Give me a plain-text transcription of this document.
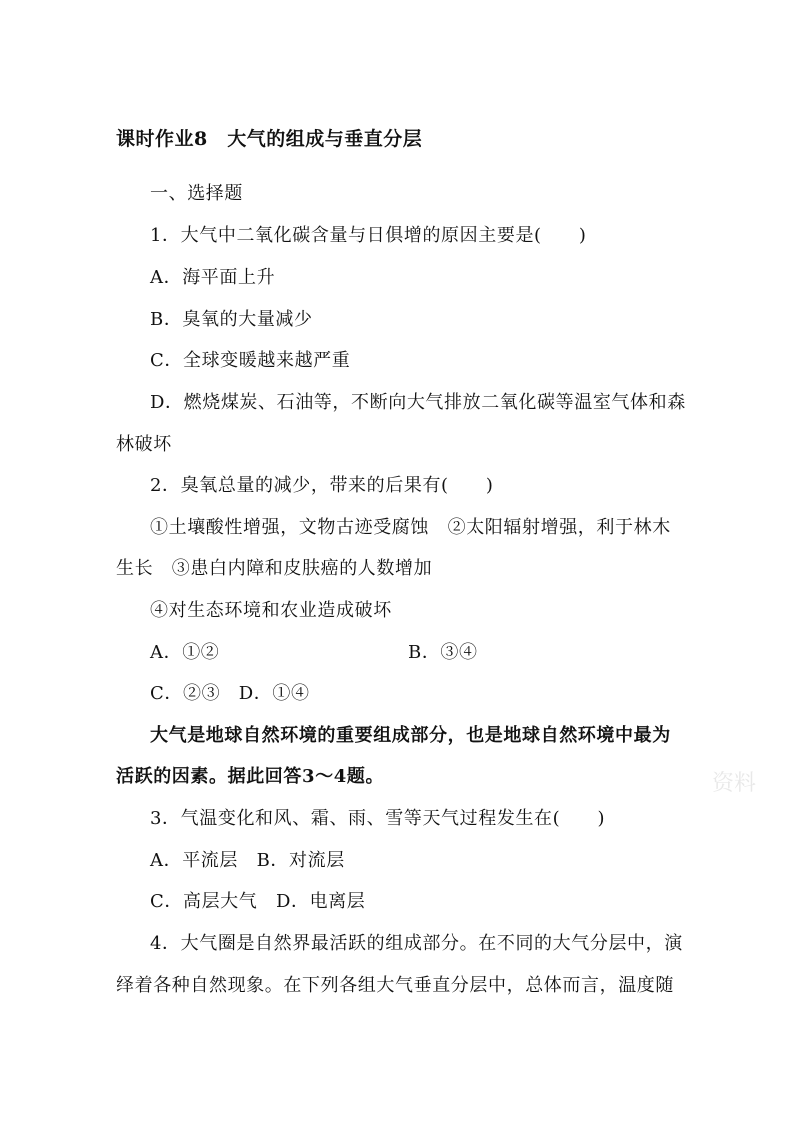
课时作业8　大气的组成与垂直分层
一、选择题
1．大气中二氧化碳含量与日俱增的原因主要是(　　)
A．海平面上升
B．臭氧的大量减少
C．全球变暖越来越严重
D．燃烧煤炭、石油等，不断向大气排放二氧化碳等温室气体和森
林破坏
2．臭氧总量的减少，带来的后果有(　　)
①土壤酸性增强，文物古迹受腐蚀　②太阳辐射增强，利于林木
生长　③患白内障和皮肤癌的人数增加
④对生态环境和农业造成破坏
A．①②	B．③④
C．②③　D．①④
大气是地球自然环境的重要组成部分，也是地球自然环境中最为
活跃的因素。据此回答3～4题。
3．气温变化和风、霜、雨、雪等天气过程发生在(　　)
A．平流层　B．对流层
C．高层大气　D．电离层
4．大气圈是自然界最活跃的组成部分。在不同的大气分层中，演
绎着各种自然现象。在下列各组大气垂直分层中，总体而言，温度随
资料
